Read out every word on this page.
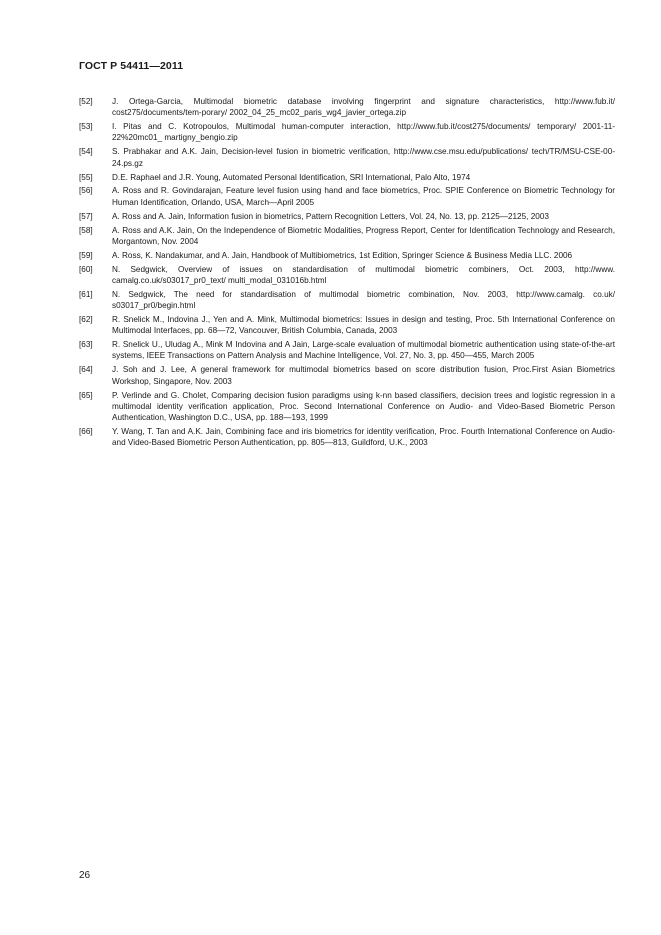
ГОСТ Р 54411—2011
[52]	J. Ortega-Garcia, Multimodal biometric database involving fingerprint and signature characteristics, http://www.fub.it/ cost275/documents/tem-porary/ 2002_04_25_mc02_paris_wg4_javier_ortega.zip
[53]	I. Pitas and C. Kotropoulos, Multimodal human-computer interaction, http://www.fub.it/cost275/documents/ temporary/ 2001-11-22%20mc01_ martigny_bengio.zip
[54]	S. Prabhakar and A.K. Jain, Decision-level fusion in biometric verification, http://www.cse.msu.edu/publications/ tech/TR/MSU-CSE-00-24.ps.gz
[55]	D.E. Raphael and J.R. Young, Automated Personal Identification, SRI International, Palo Alto, 1974
[56]	A. Ross and R. Govindarajan, Feature level fusion using hand and face biometrics, Proc. SPIE Conference on Biometric Technology for Human Identification, Orlando, USA, March—April 2005
[57]	A. Ross and A. Jain, Information fusion in biometrics, Pattern Recognition Letters, Vol. 24, No. 13, pp. 2125—2125, 2003
[58]	A. Ross and A.K. Jain, On the Independence of Biometric Modalities, Progress Report, Center for Identification Technology and Research, Morgantown, Nov. 2004
[59]	A. Ross, K. Nandakumar, and A. Jain, Handbook of Multibiometrics, 1st Edition, Springer Science & Business Media LLC. 2006
[60]	N. Sedgwick, Overview of issues on standardisation of multimodal biometric combiners, Oct. 2003, http://www. camalg.co.uk/s03017_pr0_text/ multi_modal_031016b.html
[61]	N. Sedgwick, The need for standardisation of multimodal biometric combination, Nov. 2003, http://www.camalg. co.uk/ s03017_pr0/begin.html
[62]	R. Snelick M., Indovina J., Yen and A. Mink, Multimodal biometrics: Issues in design and testing, Proc. 5th International Conference on Multimodal Interfaces, pp. 68—72, Vancouver, British Columbia, Canada, 2003
[63]	R. Snelick U., Uludag A., Mink M Indovina and A Jain, Large-scale evaluation of multimodal biometric authentication using state-of-the-art systems, IEEE Transactions on Pattern Analysis and Machine Intelligence, Vol. 27, No. 3, pp. 450—455, March 2005
[64]	J. Soh and J. Lee, A general framework for multimodal biometrics based on score distribution fusion, Proc.First Asian Biometrics Workshop, Singapore, Nov. 2003
[65]	P. Verlinde and G. Cholet, Comparing decision fusion paradigms using k-nn based classifiers, decision trees and logistic regression in a multimodal identity verification application, Proc. Second International Conference on Audio- and Video-Based Biometric Person Authentication, Washington D.C., USA, pp. 188—193, 1999
[66]	Y. Wang, T. Tan and A.K. Jain, Combining face and iris biometrics for identity verification, Proc. Fourth International Conference on Audio- and Video-Based Biometric Person Authentication, pp. 805—813, Guildford, U.K., 2003
26
